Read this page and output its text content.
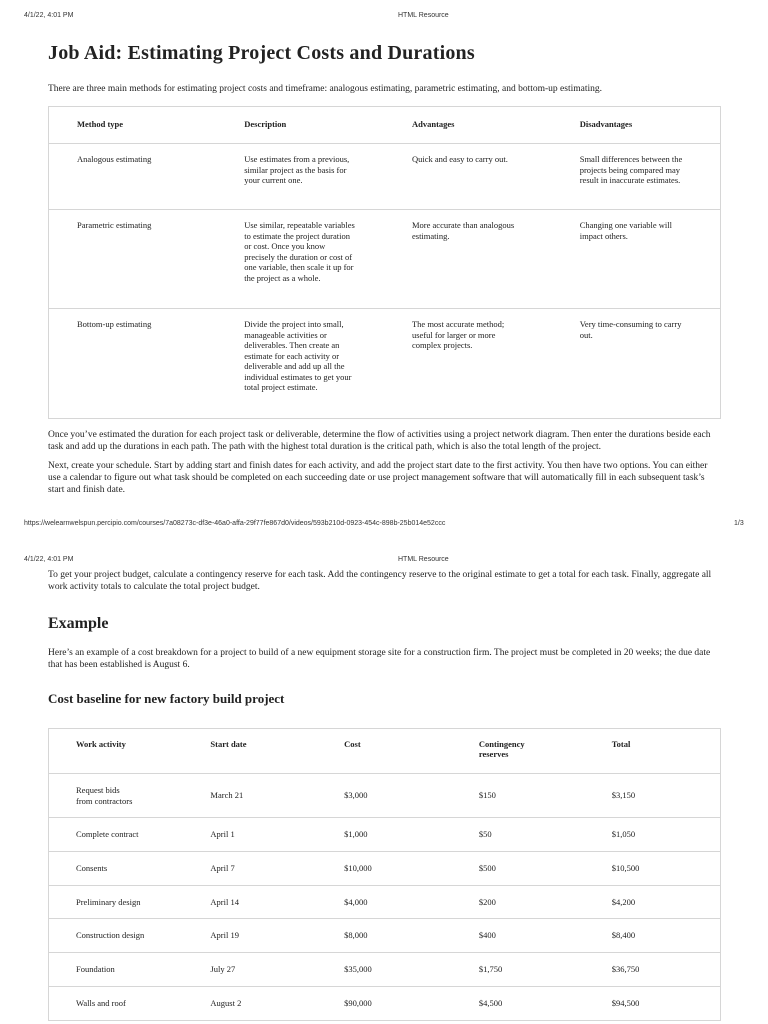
4/1/22, 4:01 PM	HTML Resource
Job Aid: Estimating Project Costs and Durations

There are three main methods for estimating project costs and timeframe: analogous estimating, parametric estimating, and bottom-up estimating.

Method type	Description	Advantages	Disadvantages
Analogous estimating	Use estimates from a previous, similar project as the basis for your current one.	Quick and easy to carry out.	Small differences between the projects being compared may result in inaccurate estimates.
Parametric estimating	Use similar, repeatable variables to estimate the project duration or cost. Once you know precisely the duration or cost of one variable, then scale it up for the project as a whole.	More accurate than analogous estimating.	Changing one variable will impact others.
Bottom-up estimating	Divide the project into small, manageable activities or deliverables. Then create an estimate for each activity or deliverable and add up all the individual estimates to get your total project estimate.	The most accurate method; useful for larger or more complex projects.	Very time-consuming to carry out.

Once you’ve estimated the duration for each project task or deliverable, determine the flow of activities using a project network diagram. Then enter the durations beside each task and add up the durations in each path. The path with the highest total duration is the critical path, which is also the total length of the project.

Next, create your schedule. Start by adding start and finish dates for each activity, and add the project start date to the first activity. You then have two options. You can either use a calendar to figure out what task should be completed on each succeeding date or use project management software that will automatically fill in each subsequent task’s start and finish date.

https://welearnwelspun.percipio.com/courses/7a08273c-df3e-46a0-affa-29f77fe867d0/videos/593b210d-0923-454c-898b-25b014e52ccc	1/3
4/1/22, 4:01 PM	HTML Resource

To get your project budget, calculate a contingency reserve for each task. Add the contingency reserve to the original estimate to get a total for each task. Finally, aggregate all work activity totals to calculate the total project budget.

Example

Here’s an example of a cost breakdown for a project to build of a new equipment storage site for a construction firm. The project must be completed in 20 weeks; the due date that has been established is August 6.

Cost baseline for new factory build project
Work activity	Start date	Cost	Contingency reserves	Total
Request bids from contractors	March 21	$3,000	$150	$3,150
Complete contract	April 1	$1,000	$50	$1,050
Consents	April 7	$10,000	$500	$10,500
Preliminary design	April 14	$4,000	$200	$4,200
Construction design	April 19	$8,000	$400	$8,400
Foundation	July 27	$35,000	$1,750	$36,750
Walls and roof	August 2	$90,000	$4,500	$94,500
